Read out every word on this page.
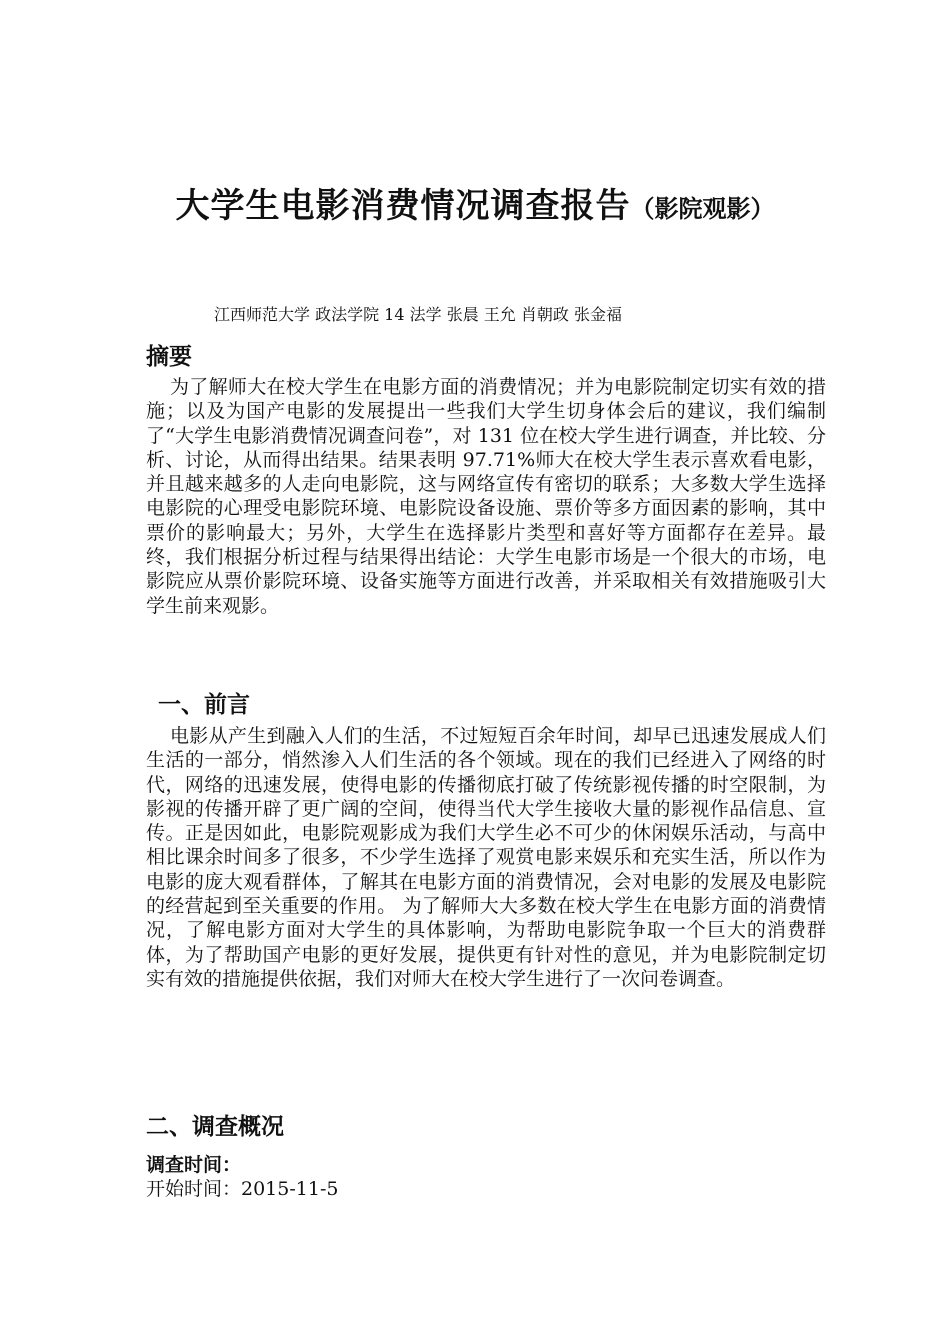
大学生电影消费情况调查报告（影院观影）
江西师范大学 政法学院 14 法学 张晨 王允 肖朝政 张金福
摘要

为了解师大在校大学生在电影方面的消费情况；并为电影院制定切实有效的措施；以及为国产电影的发展提出一些我们大学生切身体会后的建议，我们编制了“大学生电影消费情况调查问卷”，对 131 位在校大学生进行调查，并比较、分析、讨论，从而得出结果。结果表明 97.71%师大在校大学生表示喜欢看电影，并且越来越多的人走向电影院，这与网络宣传有密切的联系；大多数大学生选择电影院的心理受电影院环境、电影院设备设施、票价等多方面因素的影响，其中票价的影响最大；另外，大学生在选择影片类型和喜好等方面都存在差异。最终，我们根据分析过程与结果得出结论：大学生电影市场是一个很大的市场，电影院应从票价影院环境、设备实施等方面进行改善，并采取相关有效措施吸引大学生前来观影。

一、前言

电影从产生到融入人们的生活，不过短短百余年时间，却早已迅速发展成人们生活的一部分，悄然渗入人们生活的各个领域。现在的我们已经进入了网络的时代，网络的迅速发展，使得电影的传播彻底打破了传统影视传播的时空限制，为影视的传播开辟了更广阔的空间，使得当代大学生接收大量的影视作品信息、宣传。正是因如此，电影院观影成为我们大学生必不可少的休闲娱乐活动，与高中相比课余时间多了很多，不少学生选择了观赏电影来娱乐和充实生活，所以作为电影的庞大观看群体，了解其在电影方面的消费情况，会对电影的发展及电影院的经营起到至关重要的作用。 为了解师大大多数在校大学生在电影方面的消费情况，了解电影方面对大学生的具体影响，为帮助电影院争取一个巨大的消费群体，为了帮助国产电影的更好发展，提供更有针对性的意见，并为电影院制定切实有效的措施提供依据，我们对师大在校大学生进行了一次问卷调查。

二、调查概况
调查时间：
开始时间：2015-11-5
